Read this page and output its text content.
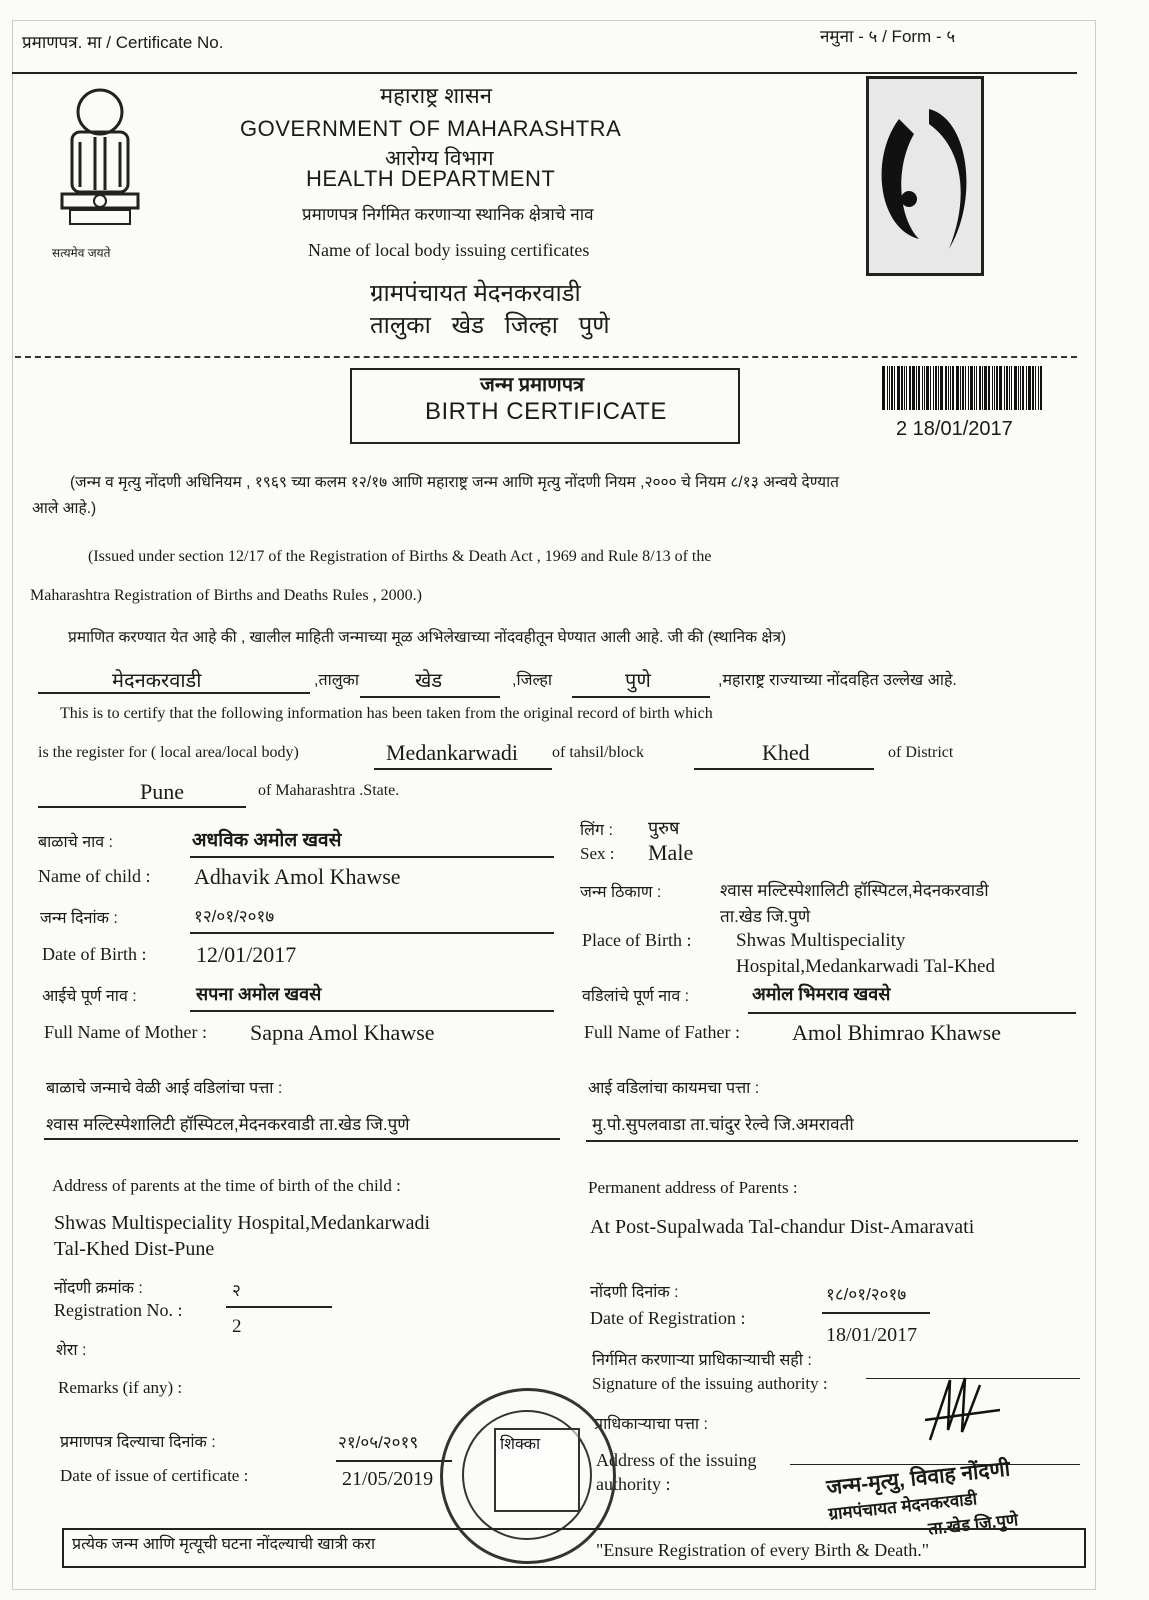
प्रमाणपत्र. मा / Certificate No.	नमुना - ५ / Form - ५
सत्यमेव जयते
महाराष्ट्र शासन
GOVERNMENT OF MAHARASHTRA
आरोग्य विभाग
HEALTH DEPARTMENT
प्रमाणपत्र निर्गमित करणाऱ्या स्थानिक क्षेत्राचे नाव
Name of local body issuing certificates
ग्रामपंचायत मेदनकरवाडी
तालुका खेड जिल्हा पुणे
जन्म प्रमाणपत्र
BIRTH CERTIFICATE
2 18/01/2017
(जन्म व मृत्यु नोंदणी अधिनियम , १९६९ च्या कलम १२/१७ आणि महाराष्ट्र जन्म आणि मृत्यु नोंदणी नियम ,२००० चे नियम ८/१३ अन्वये देण्यात
आले आहे.)
(Issued under section 12/17 of the Registration of Births & Death Act , 1969 and Rule 8/13 of the
Maharashtra Registration of Births and Deaths Rules , 2000.)
प्रमाणित करण्यात येत आहे की , खालील माहिती जन्माच्या मूळ अभिलेखाच्या नोंदवहीतून घेण्यात आली आहे. जी की (स्थानिक क्षेत्र)
मेदनकरवाडी	,तालुका	खेड	,जिल्हा	पुणे	,महाराष्ट्र राज्याच्या नोंदवहित उल्लेख आहे.
This is to certify that the following information has been taken from the original record of birth which
is the register for ( local area/local body)	Medankarwadi of tahsil/block	Khed	of District
Pune	of Maharashtra .State.
बाळाचे नाव :	अधविक अमोल खवसे
Name of child : Adhavik Amol Khawse
जन्म दिनांक :	१२/०१/२०१७
Date of Birth : 12/01/2017
लिंग : पुरुष
Sex : Male
जन्म ठिकाण :	श्वास मल्टिस्पेशालिटी हॉस्पिटल,मेदनकरवाडी
ता.खेड जि.पुणे
Place of Birth : Shwas Multispeciality
Hospital,Medankarwadi Tal-Khed
आईचे पूर्ण नाव :	सपना अमोल खवसे
Full Name of Mother : Sapna Amol Khawse
वडिलांचे पूर्ण नाव :	अमोल भिमराव खवसे
Full Name of Father : Amol Bhimrao Khawse
बाळाचे जन्माचे वेळी आई वडिलांचा पत्ता :
श्वास मल्टिस्पेशालिटी हॉस्पिटल,मेदनकरवाडी ता.खेड जि.पुणे
आई वडिलांचा कायमचा पत्ता :
मु.पो.सुपलवाडा ता.चांदुर रेल्वे जि.अमरावती
Address of parents at the time of birth of the child :
Shwas Multispeciality Hospital,Medankarwadi
Tal-Khed Dist-Pune
Permanent address of Parents :
At Post-Supalwada Tal-chandur Dist-Amaravati
नोंदणी क्रमांक :	२
Registration No. :
2
नोंदणी दिनांक :	१८/०१/२०१७
Date of Registration :
18/01/2017
शेरा :
Remarks (if any) :
निर्गमित करणाऱ्या प्राधिकाऱ्याची सही :
Signature of the issuing authority :
प्रमाणपत्र दिल्याचा दिनांक :	२१/०५/२०१९
Date of issue of certificate :	21/05/2019
प्राधिकाऱ्याचा पत्ता :
Address of the issuing
authority :
शिक्का
जन्म-मृत्यु, विवाह नोंदणी
ग्रामपंचायत मेदनकरवाडी
ता.खेड जि.पुणे
प्रत्येक जन्म आणि मृत्यूची घटना नोंदल्याची खात्री करा	"Ensure Registration of every Birth & Death."
